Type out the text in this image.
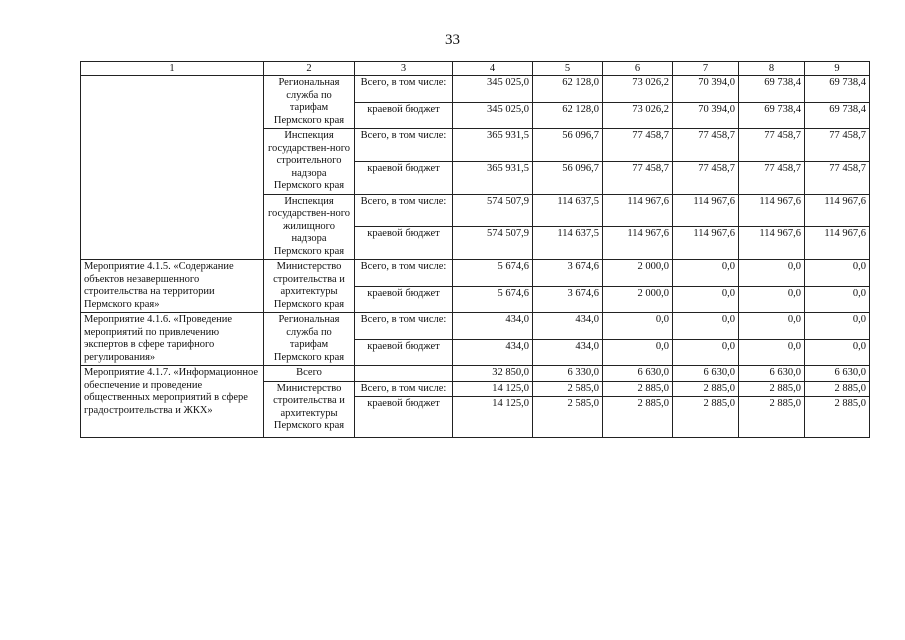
33
1	2	3	4	5	6	7	8	9
	Региональная служба по тарифам Пермского края	Всего, в том числе:	345 025,0	62 128,0	73 026,2	70 394,0	69 738,4	69 738,4
		краевой бюджет	345 025,0	62 128,0	73 026,2	70 394,0	69 738,4	69 738,4
	Инспекция государствен-ного строительного надзора Пермского края	Всего, в том числе:	365 931,5	56 096,7	77 458,7	77 458,7	77 458,7	77 458,7
		краевой бюджет	365 931,5	56 096,7	77 458,7	77 458,7	77 458,7	77 458,7
	Инспекция государствен-ного жилищного надзора Пермского края	Всего, в том числе:	574 507,9	114 637,5	114 967,6	114 967,6	114 967,6	114 967,6
		краевой бюджет	574 507,9	114 637,5	114 967,6	114 967,6	114 967,6	114 967,6
Мероприятие 4.1.5. «Содержание объектов незавершенного строительства на территории Пермского края»	Министерство строительства и архитектуры Пермского края	Всего, в том числе:	5 674,6	3 674,6	2 000,0	0,0	0,0	0,0
		краевой бюджет	5 674,6	3 674,6	2 000,0	0,0	0,0	0,0
Мероприятие 4.1.6. «Проведение мероприятий по привлечению экспертов в сфере тарифного регулирования»	Региональная служба по тарифам Пермского края	Всего, в том числе:	434,0	434,0	0,0	0,0	0,0	0,0
		краевой бюджет	434,0	434,0	0,0	0,0	0,0	0,0
Мероприятие 4.1.7. «Информационное обеспечение и проведение общественных мероприятий в сфере градостроительства и ЖКХ»	Всего		32 850,0	6 330,0	6 630,0	6 630,0	6 630,0	6 630,0
	Министерство строительства и архитектуры Пермского края	Всего, в том числе:	14 125,0	2 585,0	2 885,0	2 885,0	2 885,0	2 885,0
		краевой бюджет	14 125,0	2 585,0	2 885,0	2 885,0	2 885,0	2 885,0
